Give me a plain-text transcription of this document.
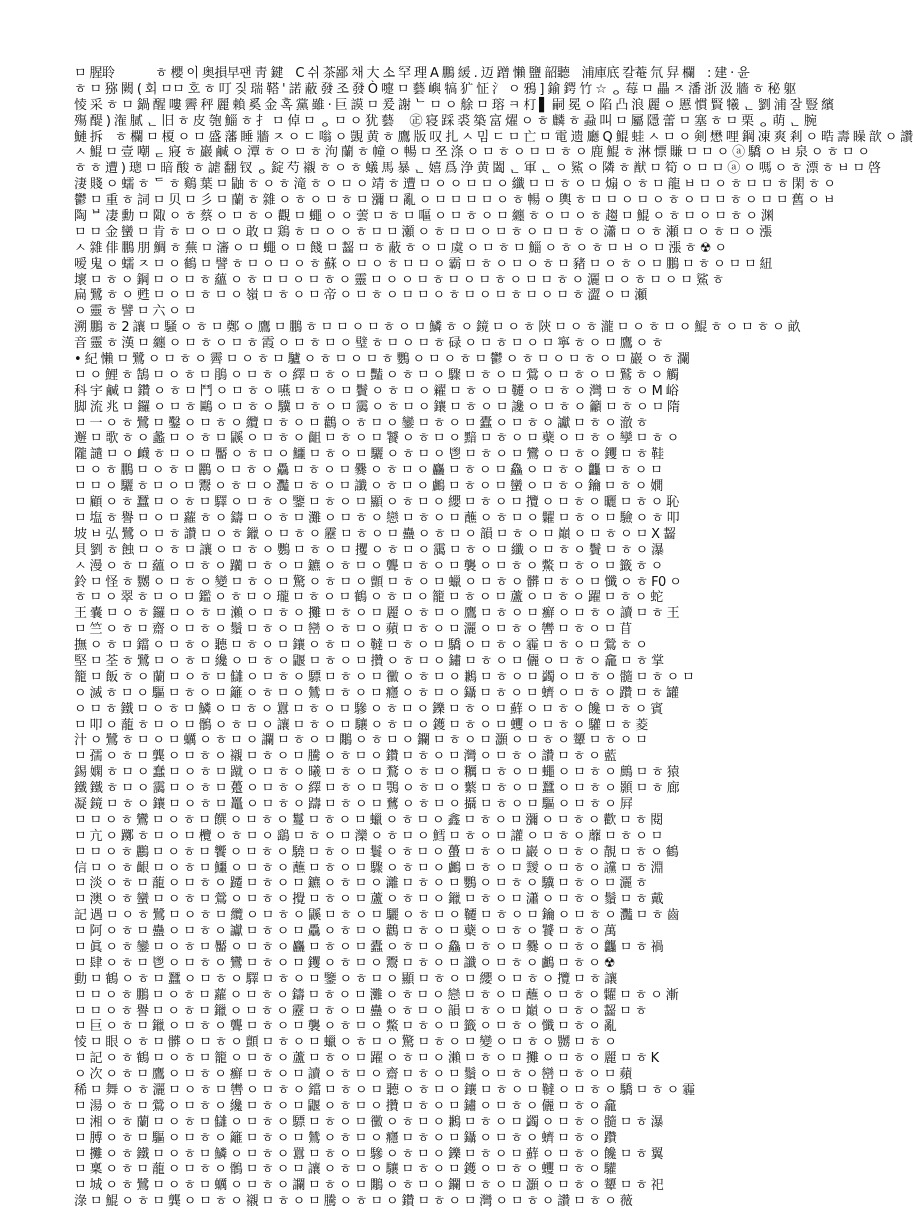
ㅁ 腥聆　　　 ㅎ 櫻 이 奥損早팬 靑 鍵　C 쉬 茶鄙 채 大 소 罕 理 A 鵬 緩 . 迈 蹭 懶 鹽 韶聽　浦庫底 칼菴 氘 舁 欄　: 建 · 윤
ㅎ ㅁ 猕 闕 ( 회 ㅁㅁ 호 ㅎ 叮 짖 瑞 鞳 ' 諾 蔽 發 조 發 Ò 嚏 ㅁ 藝 嶼 犒 犷 怔 氵 ㅇ 鴉 ] 鍮 鍔 竹 ☆ ᆼ 莓 ㅁ 畾 ㅈ 潘 浙 汲 牆 ㅎ 秘 躯
㥄 采 ㅎ ㅁ 鍋 醒 嘍 霽 秤 麗 賴 奚 金 혹 黨 雖 · 巨 謨 ㅁ 爰 謝 ᄂ ㅁ ㅇ 艅 ㅁ 瑢 ㅋ 朾 ▌ 嗣 冕 ㅇ 陷 凸 浪 麗 ㅇ 慝 慣 賢 犧 ᆫ 劉 浦 잘 豎 繽
殤 醍 ) 潅 膩 ᆫ 旧 ㅎ 皮 匏 鯔 ㅎ 扌 ㅁ 倬 ㅁ ᆼ ㅁ ㅇ 犹 藝 　㊣ 寝 踩 裘 築 富 燿 ㅇ ㅎ 麟 ㅎ 蝨 叫 ㅁ 屬 隱 蕾 ㅁ 塞 ㅎ ㅁ 栗 ᆼ 萌 ᆫ 腕
鰱 拆　ㅎ 欄 ㅁ 榎 ㅇ ㅁ 盛 藩 睡 牆 ㅈ ㅇ ㄷ 嗡 ㅇ 覬 黄 ㅎ 鷹 版 叹 扎 ㅅ 밈 ㄷ ㅁ 亡 ㅁ 電 遗 廳 Q 鯤 蛙 ㅅ ㅁ ㅇ 剣 懋 哩 鋼 凍 爽 剎 ㅇ 晧 壽 矂 歆 ㅇ 讚
ㅅ 鯤 ㅁ 壹 嘲 ᆮ 寢 ㅎ 巖 鹹 ㅇ 潭 ㅎ ㅇ ㅁ ㅎ 泃 蘭 ㅎ 幢 ㅇ 暢 ㅁ 쪼 涤 ㅇ ㅁ ㅎ ㅇ ㅁ ㅁ ㅎ ㅇ 鹿 鯤 ㅎ 淋 慓 賺 ㅁ ㅁ ㅇ ⓐ 驕 ㅇ ㅂ 泉 ㅇ ㅎ ㅁ ㅇ
ㅎ ㅎ 遭 ) 璁 ㅁ 暗 酸 ㅎ 謔 翻 钗 ᆼ 錠 芍 襯 ㅎ ㅇ ㅎ 蟻 馬 暴 ᆫ 嬉 爲 浄 黄 闔 ᆫ 軍 ᆫ ㅇ 鯊 ㅇ 隣 ㅎ 猷 ㅁ 筍 ㅇ ㅁ ㅁ ⓐ ㅇ 嗎 ㅇ ㅎ 漂 ㅎ ㅂ ㅁ 啓
淒 賤 ㅇ 蠕 ㅎ ᄃ ㅎ 鷄 葉 ㅁ 鼬 ㅎ ㅇ ㅎ 滝 ㅎ ㅇ ㅁ ㅇ 靖 ㅎ 遭 ㅁ ㅇ ㅇ ㅁ ㅁ ㅇ 纖 ㅁ ㅁ ㅎ ㅇ ㅁ 煽 ㅇ ㅎ ㅁ 龍 ㅂ ㅁ ㅇ ㅎ ㅁ ㅁ ㅎ 閑 ㅎ ㅇ
鬱 ㅁ 重 ㅎ 詞 ㅁ 贝 ㅁ 彡 ㅁ 蘭 ㅎ 雜 ㅇ ㅎ ㅇ ㅁ ㅎ ㅁ 瀰 ㅁ 亂 ㅇ ㅁ ㅁ ㅁ ㅁ ㅇ ㅎ 暢 ㅇ 輿 ㅎ ㅁ ㅁ ㅇ ㅁ ㅇ ㅎ ㅇ ㅁ ㅁ ㅎ ㅇ ㅁ ㅁ 舊 ㅇ ㅂ
陶 ᄇ 凄 勳 ㅁ 陬 ㅇ ㅎ 蔡 ㅇ ㅁ ㅎ ㅇ 觀 ㅁ 蠅 ㅇ ㅇ 蕓 ㅁ ㅎ ㅁ 嘔 ㅇ ㅁ ㅎ ㅇ ㅁ 纏 ㅎ ㅇ ㅁ ㅇ ㅎ 趨 ㅁ 鯤 ㅇ ㅎ ㅁ ㅇ ㅁ ㅎ ㅇ 渊
ㅁ ㅁ 金 蠻 ㅁ 肯 ㅎ ㅁ ㅇ ㅁ ㅇ 敢 ㅁ 鶏 ㅎ ㅁ ㅇ ㅇ ㅎ ㅁ ㅁ 瀬 ㅇ ㅎ ㅁ ㅁ ㅇ ㅁ ㅎ ㅇ ㅁ ㅁ ㅎ ㅇ 瀟 ㅁ ㅇ ㅎ 瀬 ㅁ ㅇ ㅎ ㅁ ㅇ 漲
ㅅ 雜 俳 鵬 朋 鯛 ㅎ 蕪 ㅁ 瀋 ㅇ ㅁ 蠅 ㅇ ㅁ 餞 ㅁ 齧 ㅁ ㅎ 蔽 ㅎ ㅇ ㅁ 虞 ㅇ ㅁ ㅎ ㅁ 鯔 ㅇ ㅎ ㅇ ㅎ ㅁ ㅂ ㅇ ㅁ 漲 ㅎ ☢ ㅇ
嗳 鬼 ㅇ 蠕 ㅈ ㅁ ㅇ 鶴 ㅁ 譬 ㅎ ㅁ ㅇ ㅁ ㅇ ㅎ 蘇 ㅇ ㅁ ㅇ ㅎ ㅁ ㅁ ㅇ 霸 ㅁ ㅎ ㅇ ㅁ ㅇ ㅎ ㅁ 豬 ㅁ ㅇ ㅎ ㅇ ㅁ 鵬 ㅁ ㅎ ㅇ ㅁ ㅁ 紐
壞 ㅁ ㅎ ㅇ 鋼 ㅁ ㅇ ㅁ ㅎ 蘊 ㅇ ㅎ ㅁ ㅁ ㅇ ㅁ ㅎ ㅇ 靈 ㅁ ㅇ ㅇ ㅁ ㅎ ㅁ ㅇ ㅁ ㅎ ㅇ ㅁ ㅁ ㅎ ㅇ 灑 ㅁ ㅇ ㅎ ㅁ ㅇ ㅁ 鯊 ㅎ
扁 鷺 ㅎ ㅇ 甦 ㅁ ㅇ ㅁ ㅎ ㅁ ㅇ 嶺 ㅁ ㅎ ㅇ ㅁ 帝 ㅇ ㅁ ㅎ ㅇ ㅁ ㅁ ㅇ ㅎ ㅁ ㅇ ㅁ ㅎ ㅁ ㅇ ㅁ ㅎ 澀 ㅇ ㅁ 瀬
ㅇ 靈 ㅎ 譬 ㅁ 六 ㅇ ㅁ
溯 鵬 ㅎ 2 讓 ㅁ 騒 ㅇ ㅎ ㅁ 鄭 ㅇ 鷹 ㅁ 鵬 ㅎ ㅁ ㅁ ㅇ ㅁ ㅎ ㅇ ㅁ 鱗 ㅎ ㅇ 鏡 ㅁ ㅇ ㅎ 陝 ㅁ ㅇ ㅎ 瀧 ㅁ ㅇ ㅎ ㅁ ㅇ 鯤 ㅎ ㅇ ㅁ ㅎ ㅇ 畝
音 靈 ㅎ 漢 ㅁ 纏 ㅇ ㅁ ㅎ ㅇ ㅁ ㅎ 霞 ㅇ ㅁ ㅎ ㅁ ㅇ 璧 ㅎ ㅁ ㅇ ㅁ ㅎ 碌 ㅇ ㅁ ㅎ ㅁ ㅇ ㅁ 寧 ㅎ ㅇ ㅁ 鷹 ㅇ ㅎ
• 紀 懶 ㅁ 鷺 ㅇ ㅁ ㅎ ㅇ 霽 ㅁ ㅇ ㅎ ㅁ 驢 ㅇ ㅎ ㅁ ㅇ ㅁ ㅎ 鸚 ㅇ ㅁ ㅇ ㅎ ㅁ 鬱 ㅇ ㅎ ㅁ ㅇ ㅁ ㅎ ㅇ ㅁ 巖 ㅇ ㅎ 瀾
ㅁ ㅇ 鯉 ㅎ 鵠 ㅁ ㅇ ㅎ ㅁ 鵑 ㅇ ㅁ ㅎ ㅇ 繹 ㅁ ㅎ ㅇ ㅁ 豔 ㅇ ㅎ ㅁ ㅇ 驟 ㅁ ㅎ ㅇ ㅁ 鶯 ㅇ ㅁ ㅎ ㅇ ㅁ 鷲 ㅎ ㅇ 觸
科 宇 鹹 ㅁ 鑽 ㅇ ㅎ ㅁ 鬥 ㅇ ㅁ ㅎ ㅇ 嚥 ㅁ ㅎ ㅇ ㅁ 鬢 ㅇ ㅎ ㅁ ㅇ 糴 ㅁ ㅎ ㅇ ㅁ 韆 ㅇ ㅁ ㅎ ㅇ 灣 ㅁ ㅎ ㅇ M 峪
脚 流 兆 ㅁ 鑼 ㅇ ㅁ ㅎ 鷗 ㅇ ㅁ ㅎ ㅇ 驥 ㅁ ㅎ ㅇ ㅁ 靄 ㅇ ㅎ ㅁ ㅇ 鑲 ㅁ ㅎ ㅇ ㅁ 讒 ㅇ ㅁ ㅎ ㅇ 籲 ㅁ ㅎ ㅇ ㅁ 隋
ㅁ 一 ㅇ ㅎ 鷺 ㅁ 鑿 ㅇ ㅁ ㅎ ㅇ 纜 ㅁ ㅎ ㅇ ㅁ 鸛 ㅇ ㅎ ㅁ ㅇ 鑾 ㅁ ㅎ ㅇ ㅁ 蠹 ㅇ ㅁ ㅎ ㅇ 讞 ㅁ ㅎ ㅇ 澈 ㅎ
邂 ㅁ 歌 ㅎ ㅇ 蠡 ㅁ ㅇ ㅎ ㅁ 鼷 ㅇ ㅁ ㅎ ㅇ 齟 ㅁ ㅎ ㅇ ㅁ 饕 ㅇ ㅎ ㅁ ㅇ 黯 ㅁ ㅎ ㅇ ㅁ 蘗 ㅇ ㅁ ㅎ ㅇ 孿 ㅁ ㅎ ㅇ
隴 譴 ㅁ ㅇ 衊 ㅎ ㅁ ㅇ ㅁ 靨 ㅇ ㅎ ㅁ ㅇ 鱷 ㅁ ㅎ ㅇ ㅁ 驪 ㅇ ㅎ ㅁ ㅇ 鬯 ㅁ ㅎ ㅇ ㅁ 鸞 ㅇ ㅁ ㅎ ㅇ 钁 ㅁ ㅎ 鞋
ㅁ ㅇ ㅎ 鵬 ㅁ ㅇ ㅎ ㅁ 鸝 ㅇ ㅁ ㅎ ㅇ 驫 ㅁ ㅎ ㅇ ㅁ 爨 ㅇ ㅎ ㅁ ㅇ 麤 ㅁ ㅎ ㅇ ㅁ 鱻 ㅇ ㅁ ㅎ ㅇ 龘 ㅁ ㅎ ㅇ ㅁ
ㅁ ㅁ ㅇ 驪 ㅎ ㅁ ㅇ ㅁ 鬻 ㅇ ㅎ ㅁ ㅇ 灩 ㅁ ㅎ ㅇ ㅁ 讖 ㅇ ㅎ ㅁ ㅇ 鸕 ㅁ ㅎ ㅇ ㅁ 蠻 ㅇ ㅁ ㅎ ㅇ 鑰 ㅁ ㅎ ㅇ 嫺
ㅁ 顧 ㅇ ㅎ 蠶 ㅁ ㅇ ㅎ ㅁ 驛 ㅇ ㅁ ㅎ ㅇ 鑒 ㅁ ㅎ ㅇ ㅁ 顯 ㅇ ㅎ ㅁ ㅇ 纓 ㅁ ㅎ ㅇ ㅁ 攬 ㅇ ㅁ ㅎ ㅇ 曬 ㅁ ㅎ ㅇ 恥
ㅁ 塩 ㅎ 譽 ㅁ ㅇ ㅁ 蘿 ㅎ ㅇ 鑄 ㅁ ㅇ ㅎ ㅁ 灘 ㅇ ㅁ ㅎ ㅇ 戀 ㅁ ㅎ ㅇ ㅁ 蘸 ㅇ ㅎ ㅁ ㅇ 糶 ㅁ ㅎ ㅇ ㅁ 驗 ㅇ ㅎ 叩
坡 ㅂ 弘 鷺 ㅇ ㅁ ㅎ 讚 ㅁ ㅇ ㅎ 鑞 ㅇ ㅁ ㅎ ㅇ 靂 ㅁ ㅎ ㅇ ㅁ 蠱 ㅇ ㅎ ㅁ ㅇ 韻 ㅁ ㅎ ㅇ ㅁ 巔 ㅇ ㅁ ㅎ ㅇ ㅁ X 齧
貝 劉 ㅎ 蝕 ㅁ ㅇ ㅎ ㅁ 讓 ㅇ ㅁ ㅎ ㅇ 鸚 ㅁ ㅎ ㅇ ㅁ 攫 ㅇ ㅎ ㅁ ㅇ 靄 ㅁ ㅎ ㅇ ㅁ 纖 ㅇ ㅁ ㅎ ㅇ 鬢 ㅁ ㅎ ㅇ 瀑
ㅅ 漫 ㅇ ㅎ ㅁ 蘊 ㅇ ㅁ ㅎ ㅇ 躪 ㅁ ㅎ ㅇ ㅁ 鑣 ㅇ ㅎ ㅁ ㅇ 聾 ㅁ ㅎ ㅇ ㅁ 襲 ㅇ ㅁ ㅎ ㅇ 鱉 ㅁ ㅎ ㅇ ㅁ 籤 ㅎ ㅇ
鈴 ㅁ 怪 ㅎ 嬲 ㅇ ㅁ ㅎ ㅇ 變 ㅁ ㅎ ㅇ ㅁ 驚 ㅇ ㅎ ㅁ ㅇ 顫 ㅁ ㅎ ㅇ ㅁ 蠟 ㅇ ㅁ ㅎ ㅇ 髒 ㅁ ㅎ ㅇ ㅁ 懺 ㅇ ㅎ F0 ㅇ
ㅎ ㅁ ㅇ 翠 ㅎ ㅁ ㅇ ㅁ 鑑 ㅇ ㅎ ㅁ ㅇ 瓏 ㅁ ㅎ ㅇ ㅁ 鶴 ㅇ ㅎ ㅁ ㅇ 籠 ㅁ ㅎ ㅇ ㅁ 蘆 ㅇ ㅁ ㅎ ㅇ 躍 ㅁ ㅎ ㅇ 蛇
王 嚢 ㅁ ㅇ ㅎ 鑼 ㅁ ㅇ ㅎ ㅁ 瀨 ㅇ ㅁ ㅎ ㅇ 攤 ㅁ ㅎ ㅇ ㅁ 麗 ㅇ ㅎ ㅁ ㅇ 鷹 ㅁ ㅎ ㅇ ㅁ 癬 ㅇ ㅁ ㅎ ㅇ 讀 ㅁ ㅎ 王
ㅁ 竺 ㅇ ㅎ ㅁ 齋 ㅇ ㅁ ㅎ ㅇ 鬚 ㅁ ㅎ ㅇ ㅁ 巒 ㅇ ㅎ ㅁ ㅇ 蘋 ㅁ ㅎ ㅇ ㅁ 灑 ㅇ ㅁ ㅎ ㅇ 轡 ㅁ ㅎ ㅇ ㅁ 苜
撫 ㅇ ㅎ ㅁ 鐺 ㅇ ㅁ ㅎ ㅇ 聽 ㅁ ㅎ ㅇ ㅁ 鑲 ㅇ ㅎ ㅁ ㅇ 韃 ㅁ ㅎ ㅇ ㅁ 驕 ㅇ ㅁ ㅎ ㅇ 霾 ㅁ ㅎ ㅇ ㅁ 鶯 ㅎ ㅇ
堅 ㅁ 荃 ㅎ 鷺 ㅁ ㅇ ㅎ ㅁ 纔 ㅇ ㅁ ㅎ ㅇ 鼴 ㅁ ㅎ ㅇ ㅁ 攢 ㅇ ㅎ ㅁ ㅇ 鏽 ㅁ ㅎ ㅇ ㅁ 儷 ㅇ ㅁ ㅎ ㅇ 龕 ㅁ ㅎ 掌
籠 ㅁ 飯 ㅎ ㅇ 蘭 ㅁ ㅇ ㅎ ㅁ 讎 ㅇ ㅁ ㅎ ㅇ 驃 ㅁ ㅎ ㅇ ㅁ 黴 ㅇ ㅎ ㅁ ㅇ 鶼 ㅁ ㅎ ㅇ ㅁ 蠲 ㅇ ㅁ ㅎ ㅇ 髓 ㅁ ㅎ ㅇ ㅁ
ㅇ 滅 ㅎ ㅁ ㅇ 驅 ㅁ ㅎ ㅇ ㅁ 籬 ㅇ ㅎ ㅁ ㅇ 鷥 ㅁ ㅎ ㅇ ㅁ 癮 ㅇ ㅎ ㅁ ㅇ 鑷 ㅁ ㅎ ㅇ ㅁ 蠐 ㅇ ㅁ ㅎ ㅇ 躦 ㅁ ㅎ 罐
ㅇ ㅁ ㅎ 鐵 ㅁ ㅇ ㅎ ㅁ 鱗 ㅇ ㅁ ㅎ ㅇ 囂 ㅁ ㅎ ㅇ ㅁ 驂 ㅇ ㅎ ㅁ ㅇ 鑠 ㅁ ㅎ ㅇ ㅁ 蘚 ㅇ ㅁ ㅎ ㅇ 饞 ㅁ ㅎ ㅇ 賓
ㅁ 叩 ㅇ 蘢 ㅎ ㅁ ㅇ ㅁ 鶻 ㅇ ㅎ ㅁ ㅇ 讓 ㅁ ㅎ ㅇ ㅁ 驤 ㅇ ㅎ ㅁ ㅇ 鑊 ㅁ ㅎ ㅇ ㅁ 蠼 ㅇ ㅁ ㅎ ㅇ 驩 ㅁ ㅎ 菱
汁 ㅇ 鷺 ㅎ ㅁ ㅇ ㅁ 蠣 ㅇ ㅎ ㅁ ㅇ 讕 ㅁ ㅎ ㅇ ㅁ 鷴 ㅇ ㅎ ㅁ ㅇ 鑭 ㅁ ㅎ ㅇ ㅁ 灝 ㅇ ㅁ ㅎ ㅇ 顰 ㅁ ㅎ ㅇ ㅁ
ㅁ 孺 ㅇ ㅎ ㅁ 龔 ㅇ ㅁ ㅎ ㅇ 襯 ㅁ ㅎ ㅇ ㅁ 騰 ㅇ ㅎ ㅁ ㅇ 鑽 ㅁ ㅎ ㅇ ㅁ 灣 ㅇ ㅁ ㅎ ㅇ 讚 ㅁ ㅎ ㅇ 藍
錫 嫻 ㅎ ㅁ ㅇ 蠢 ㅁ ㅇ ㅎ ㅁ 蹴 ㅇ ㅁ ㅎ ㅇ 曦 ㅁ ㅎ ㅇ ㅁ 鶩 ㅇ ㅎ ㅁ ㅇ 糲 ㅁ ㅎ ㅇ ㅁ 蠅 ㅇ ㅁ ㅎ ㅇ 鷓 ㅁ ㅎ 猿
鐵 鐵 ㅎ ㅁ ㅇ 靄 ㅁ ㅇ ㅎ ㅁ 躉 ㅇ ㅁ ㅎ ㅇ 繹 ㅁ ㅎ ㅇ ㅁ 鶚 ㅇ ㅎ ㅁ ㅇ 蘩 ㅁ ㅎ ㅇ ㅁ 蠶 ㅇ ㅁ ㅎ ㅇ 顥 ㅁ ㅎ 廊
凝 鏡 ㅁ ㅎ ㅇ 鑲 ㅁ ㅇ ㅎ ㅁ 鼉 ㅇ ㅁ ㅎ ㅇ 躊 ㅁ ㅎ ㅇ ㅁ 鶿 ㅇ ㅎ ㅁ ㅇ 攝 ㅁ ㅎ ㅇ ㅁ 驅 ㅇ ㅁ ㅎ ㅇ 屛
ㅁ ㅁ ㅇ ㅎ 鸞 ㅁ ㅇ ㅎ ㅁ 饌 ㅇ ㅁ ㅎ ㅇ 鬘 ㅁ ㅎ ㅇ ㅁ 蠟 ㅇ ㅎ ㅁ ㅇ 鑫 ㅁ ㅎ ㅇ ㅁ 瀰 ㅇ ㅁ ㅎ ㅇ 歡 ㅁ ㅎ 閱
ㅁ 亢 ㅇ 躑 ㅎ ㅁ ㅇ ㅁ 欖 ㅇ ㅎ ㅁ ㅇ 鷂 ㅁ ㅎ ㅇ ㅁ 灤 ㅇ ㅎ ㅁ ㅇ 鱈 ㅁ ㅎ ㅇ ㅁ 讙 ㅇ ㅁ ㅎ ㅇ 蘼 ㅁ ㅎ ㅇ ㅁ
ㅁ ㅁ ㅇ ㅎ 鸝 ㅁ ㅇ ㅎ ㅁ 饗 ㅇ ㅁ ㅎ ㅇ 驍 ㅁ ㅎ ㅇ ㅁ 鬟 ㅇ ㅎ ㅁ ㅇ 蠆 ㅁ ㅎ ㅇ ㅁ 巖 ㅇ ㅁ ㅎ ㅇ 靚 ㅁ ㅎ ㅇ 鶴
信 ㅁ ㅇ ㅎ 齦 ㅁ ㅇ ㅎ ㅁ 鱷 ㅇ ㅁ ㅎ ㅇ 蘸 ㅁ ㅎ ㅇ ㅁ 驟 ㅇ ㅎ ㅁ ㅇ 鸕 ㅁ ㅎ ㅇ ㅁ 靉 ㅇ ㅁ ㅎ ㅇ 讜 ㅁ ㅎ 淵
ㅁ 淡 ㅇ ㅎ ㅁ 蘢 ㅇ ㅁ ㅎ ㅇ 躚 ㅁ ㅎ ㅇ ㅁ 鑣 ㅇ ㅎ ㅁ ㅇ 灕 ㅁ ㅎ ㅇ ㅁ 鸚 ㅇ ㅁ ㅎ ㅇ 驥 ㅁ ㅎ ㅇ ㅁ 灑 ㅎ
ㅁ 澳 ㅇ ㅎ 蠻 ㅁ ㅇ ㅎ ㅁ 鶯 ㅇ ㅁ ㅎ ㅇ 攪 ㅁ ㅎ ㅇ ㅁ 蘆 ㅇ ㅎ ㅁ ㅇ 鑞 ㅁ ㅎ ㅇ ㅁ 瀟 ㅇ ㅁ ㅎ ㅇ 鬚 ㅁ ㅎ 戴
記 遇 ㅁ ㅇ ㅎ 鷺 ㅁ ㅇ ㅎ ㅁ 纜 ㅇ ㅁ ㅎ ㅇ 鼷 ㅁ ㅎ ㅇ ㅁ 驪 ㅇ ㅎ ㅁ ㅇ 韆 ㅁ ㅎ ㅇ ㅁ 鑰 ㅇ ㅁ ㅎ ㅇ 灩 ㅁ ㅎ 齒
ㅁ 阿 ㅇ ㅎ ㅁ 蠱 ㅇ ㅁ ㅎ ㅇ 讞 ㅁ ㅎ ㅇ ㅁ 驫 ㅇ ㅎ ㅁ ㅇ 鸛 ㅁ ㅎ ㅇ ㅁ 蘗 ㅇ ㅁ ㅎ ㅇ 饕 ㅁ ㅎ ㅇ 萬
ㅁ 眞 ㅇ ㅎ 鑾 ㅁ ㅇ ㅎ ㅁ 靨 ㅇ ㅁ ㅎ ㅇ 麤 ㅁ ㅎ ㅇ ㅁ 蠹 ㅇ ㅎ ㅁ ㅇ 鱻 ㅁ ㅎ ㅇ ㅁ 爨 ㅇ ㅁ ㅎ ㅇ 龘 ㅁ ㅎ 禍
ㅁ 肆 ㅇ ㅎ ㅁ 鬯 ㅇ ㅁ ㅎ ㅇ 鸞 ㅁ ㅎ ㅇ ㅁ 钁 ㅇ ㅎ ㅁ ㅇ 鬻 ㅁ ㅎ ㅇ ㅁ 讖 ㅇ ㅁ ㅎ ㅇ 鸕 ㅁ ㅎ ㅇ ☢
動 ㅁ 鶴 ㅇ ㅎ ㅁ 蠶 ㅇ ㅁ ㅎ ㅇ 驛 ㅁ ㅎ ㅇ ㅁ 鑒 ㅇ ㅎ ㅁ ㅇ 顯 ㅁ ㅎ ㅇ ㅁ 纓 ㅇ ㅁ ㅎ ㅇ 攬 ㅁ ㅎ 讓
ㅁ ㅁ ㅇ ㅎ 鵬 ㅁ ㅇ ㅎ ㅁ 蘿 ㅇ ㅁ ㅎ ㅇ 鑄 ㅁ ㅎ ㅇ ㅁ 灘 ㅇ ㅎ ㅁ ㅇ 戀 ㅁ ㅎ ㅇ ㅁ 蘸 ㅇ ㅁ ㅎ ㅇ 糶 ㅁ ㅎ ㅇ 漸
ㅁ ㅁ ㅇ ㅎ 譽 ㅁ ㅇ ㅎ ㅁ 鑞 ㅇ ㅁ ㅎ ㅇ 靂 ㅁ ㅎ ㅇ ㅁ 蠱 ㅇ ㅎ ㅁ ㅇ 韻 ㅁ ㅎ ㅇ ㅁ 巔 ㅇ ㅁ ㅎ ㅇ 齧 ㅁ ㅎ
ㅁ 巨 ㅇ ㅎ ㅁ 鑞 ㅇ ㅁ ㅎ ㅇ 聾 ㅁ ㅎ ㅇ ㅁ 襲 ㅇ ㅎ ㅁ ㅇ 鱉 ㅁ ㅎ ㅇ ㅁ 籤 ㅇ ㅁ ㅎ ㅇ 懺 ㅁ ㅎ ㅇ 亂
㥄 ㅁ 眼 ㅇ ㅎ ㅁ 髒 ㅇ ㅁ ㅎ ㅇ 顫 ㅁ ㅎ ㅇ ㅁ 蠟 ㅇ ㅎ ㅁ ㅇ 驚 ㅁ ㅎ ㅇ ㅁ 變 ㅇ ㅁ ㅎ ㅇ 嬲 ㅁ ㅎ ㅇ
ㅁ 記 ㅇ ㅎ 鶴 ㅁ ㅇ ㅎ ㅁ 籠 ㅇ ㅁ ㅎ ㅇ 蘆 ㅁ ㅎ ㅇ ㅁ 躍 ㅇ ㅎ ㅁ ㅇ 瀨 ㅁ ㅎ ㅇ ㅁ 攤 ㅇ ㅁ ㅎ ㅇ 麗 ㅁ ㅎ K
ㅇ 次 ㅇ ㅎ ㅁ 鷹 ㅇ ㅁ ㅎ ㅇ 癬 ㅁ ㅎ ㅇ ㅁ 讀 ㅇ ㅎ ㅁ ㅇ 齋 ㅁ ㅎ ㅇ ㅁ 鬚 ㅇ ㅁ ㅎ ㅇ 巒 ㅁ ㅎ ㅇ ㅁ 蘋
稀 ㅁ 舞 ㅇ ㅎ 灑 ㅁ ㅇ ㅎ ㅁ 轡 ㅇ ㅁ ㅎ ㅇ 鐺 ㅁ ㅎ ㅇ ㅁ 聽 ㅇ ㅎ ㅁ ㅇ 鑲 ㅁ ㅎ ㅇ ㅁ 韃 ㅇ ㅁ ㅎ ㅇ 驕 ㅁ ㅎ ㅇ 霾
ㅁ 湯 ㅇ ㅎ ㅁ 鶯 ㅇ ㅁ ㅎ ㅇ 纔 ㅁ ㅎ ㅇ ㅁ 鼴 ㅇ ㅎ ㅁ ㅇ 攢 ㅁ ㅎ ㅇ ㅁ 鏽 ㅇ ㅁ ㅎ ㅇ 儷 ㅁ ㅎ ㅇ 龕
ㅁ 湘 ㅇ ㅎ 蘭 ㅁ ㅇ ㅎ ㅁ 讎 ㅇ ㅁ ㅎ ㅇ 驃 ㅁ ㅎ ㅇ ㅁ 黴 ㅇ ㅎ ㅁ ㅇ 鶼 ㅁ ㅎ ㅇ ㅁ 蠲 ㅇ ㅁ ㅎ ㅇ 髓 ㅁ ㅎ 瀑
ㅁ 膊 ㅇ ㅎ ㅁ 驅 ㅇ ㅁ ㅎ ㅇ 籬 ㅁ ㅎ ㅇ ㅁ 鷥 ㅇ ㅎ ㅁ ㅇ 癮 ㅁ ㅎ ㅇ ㅁ 鑷 ㅇ ㅁ ㅎ ㅇ 蠐 ㅁ ㅎ ㅇ 躦
ㅁ 攤 ㅇ ㅎ 鐵 ㅁ ㅇ ㅎ ㅁ 鱗 ㅇ ㅁ ㅎ ㅇ 囂 ㅁ ㅎ ㅇ ㅁ 驂 ㅇ ㅎ ㅁ ㅇ 鑠 ㅁ ㅎ ㅇ ㅁ 蘚 ㅇ ㅁ ㅎ ㅇ 饞 ㅁ ㅎ 翼
ㅁ 稟 ㅇ ㅎ ㅁ 蘢 ㅇ ㅁ ㅎ ㅇ 鶻 ㅁ ㅎ ㅇ ㅁ 讓 ㅇ ㅎ ㅁ ㅇ 驤 ㅁ ㅎ ㅇ ㅁ 鑊 ㅇ ㅁ ㅎ ㅇ 蠼 ㅁ ㅎ ㅇ 驩
ㅁ 城 ㅇ ㅎ 鷺 ㅁ ㅇ ㅎ ㅁ 蠣 ㅇ ㅁ ㅎ ㅇ 讕 ㅁ ㅎ ㅇ ㅁ 鷴 ㅇ ㅎ ㅁ ㅇ 鑭 ㅁ ㅎ ㅇ ㅁ 灝 ㅇ ㅁ ㅎ ㅇ 顰 ㅁ ㅎ 祀
淥 ㅁ 鯤 ㅇ ㅎ ㅁ 龔 ㅇ ㅁ ㅎ ㅇ 襯 ㅁ ㅎ ㅇ ㅁ 騰 ㅇ ㅎ ㅁ ㅇ 鑽 ㅁ ㅎ ㅇ ㅁ 灣 ㅇ ㅁ ㅎ ㅇ 讚 ㅁ ㅎ ㅇ 薇
